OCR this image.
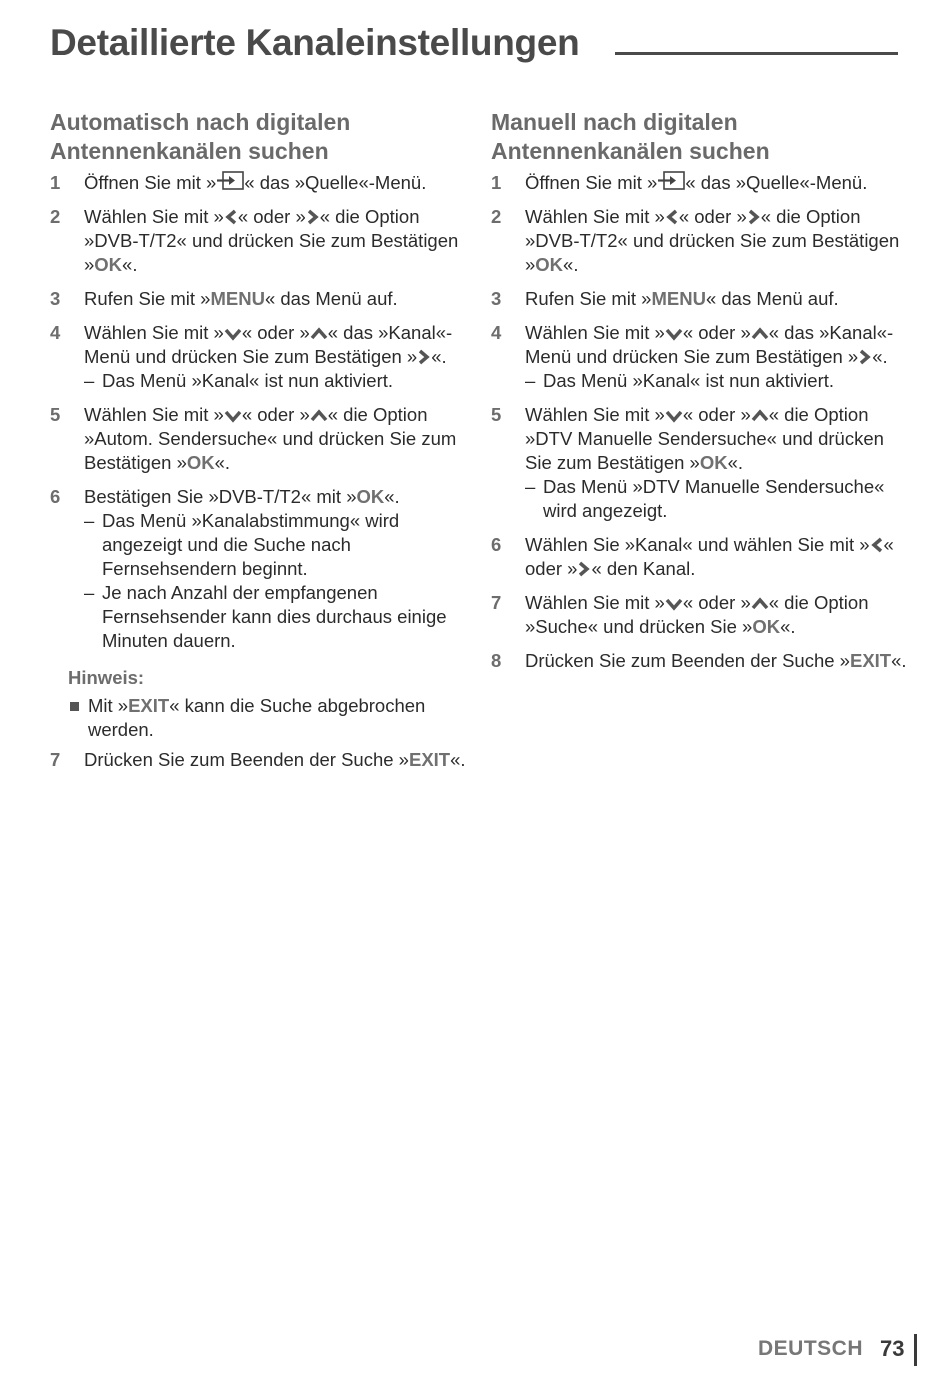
Detaillierte Kanaleinstellungen
Automatisch nach digitalen Antennenkanälen suchen
1	Öffnen Sie mit » « das »Quelle«-Menü.
2	Wählen Sie mit » « oder » « die Option »DVB-T/T2« und drücken Sie zum Bestätigen »OK«.
3	Rufen Sie mit »MENU« das Menü auf.
4	Wählen Sie mit » « oder » « das »Kanal«-Menü und drücken Sie zum Bestätigen » «.
– Das Menü »Kanal« ist nun aktiviert.
5	Wählen Sie mit » « oder » « die Option »Autom. Sendersuche« und drücken Sie zum Bestätigen »OK«.
6	Bestätigen Sie »DVB-T/T2« mit »OK«.
– Das Menü »Kanalabstimmung« wird angezeigt und die Suche nach Fernsehsendern beginnt.
– Je nach Anzahl der empfangenen Fernsehsender kann dies durchaus einige Minuten dauern.
Hinweis:
Mit »EXIT« kann die Suche abgebrochen werden.
7	Drücken Sie zum Beenden der Suche »EXIT«.
Manuell nach digitalen Antennenkanälen suchen
1	Öffnen Sie mit » « das »Quelle«-Menü.
2	Wählen Sie mit » « oder » « die Option »DVB-T/T2« und drücken Sie zum Bestätigen »OK«.
3	Rufen Sie mit »MENU« das Menü auf.
4	Wählen Sie mit » « oder » « das »Kanal«-Menü und drücken Sie zum Bestätigen » «.
– Das Menü »Kanal« ist nun aktiviert.
5	Wählen Sie mit » « oder » « die Option »DTV Manuelle Sendersuche« und drücken Sie zum Bestätigen »OK«.
– Das Menü »DTV Manuelle Sendersuche« wird angezeigt.
6	Wählen Sie »Kanal« und wählen Sie mit » « oder » « den Kanal.
7	Wählen Sie mit » « oder » « die Option »Suche« und drücken Sie »OK«.
8	Drücken Sie zum Beenden der Suche »EXIT«.
DEUTSCH 73
